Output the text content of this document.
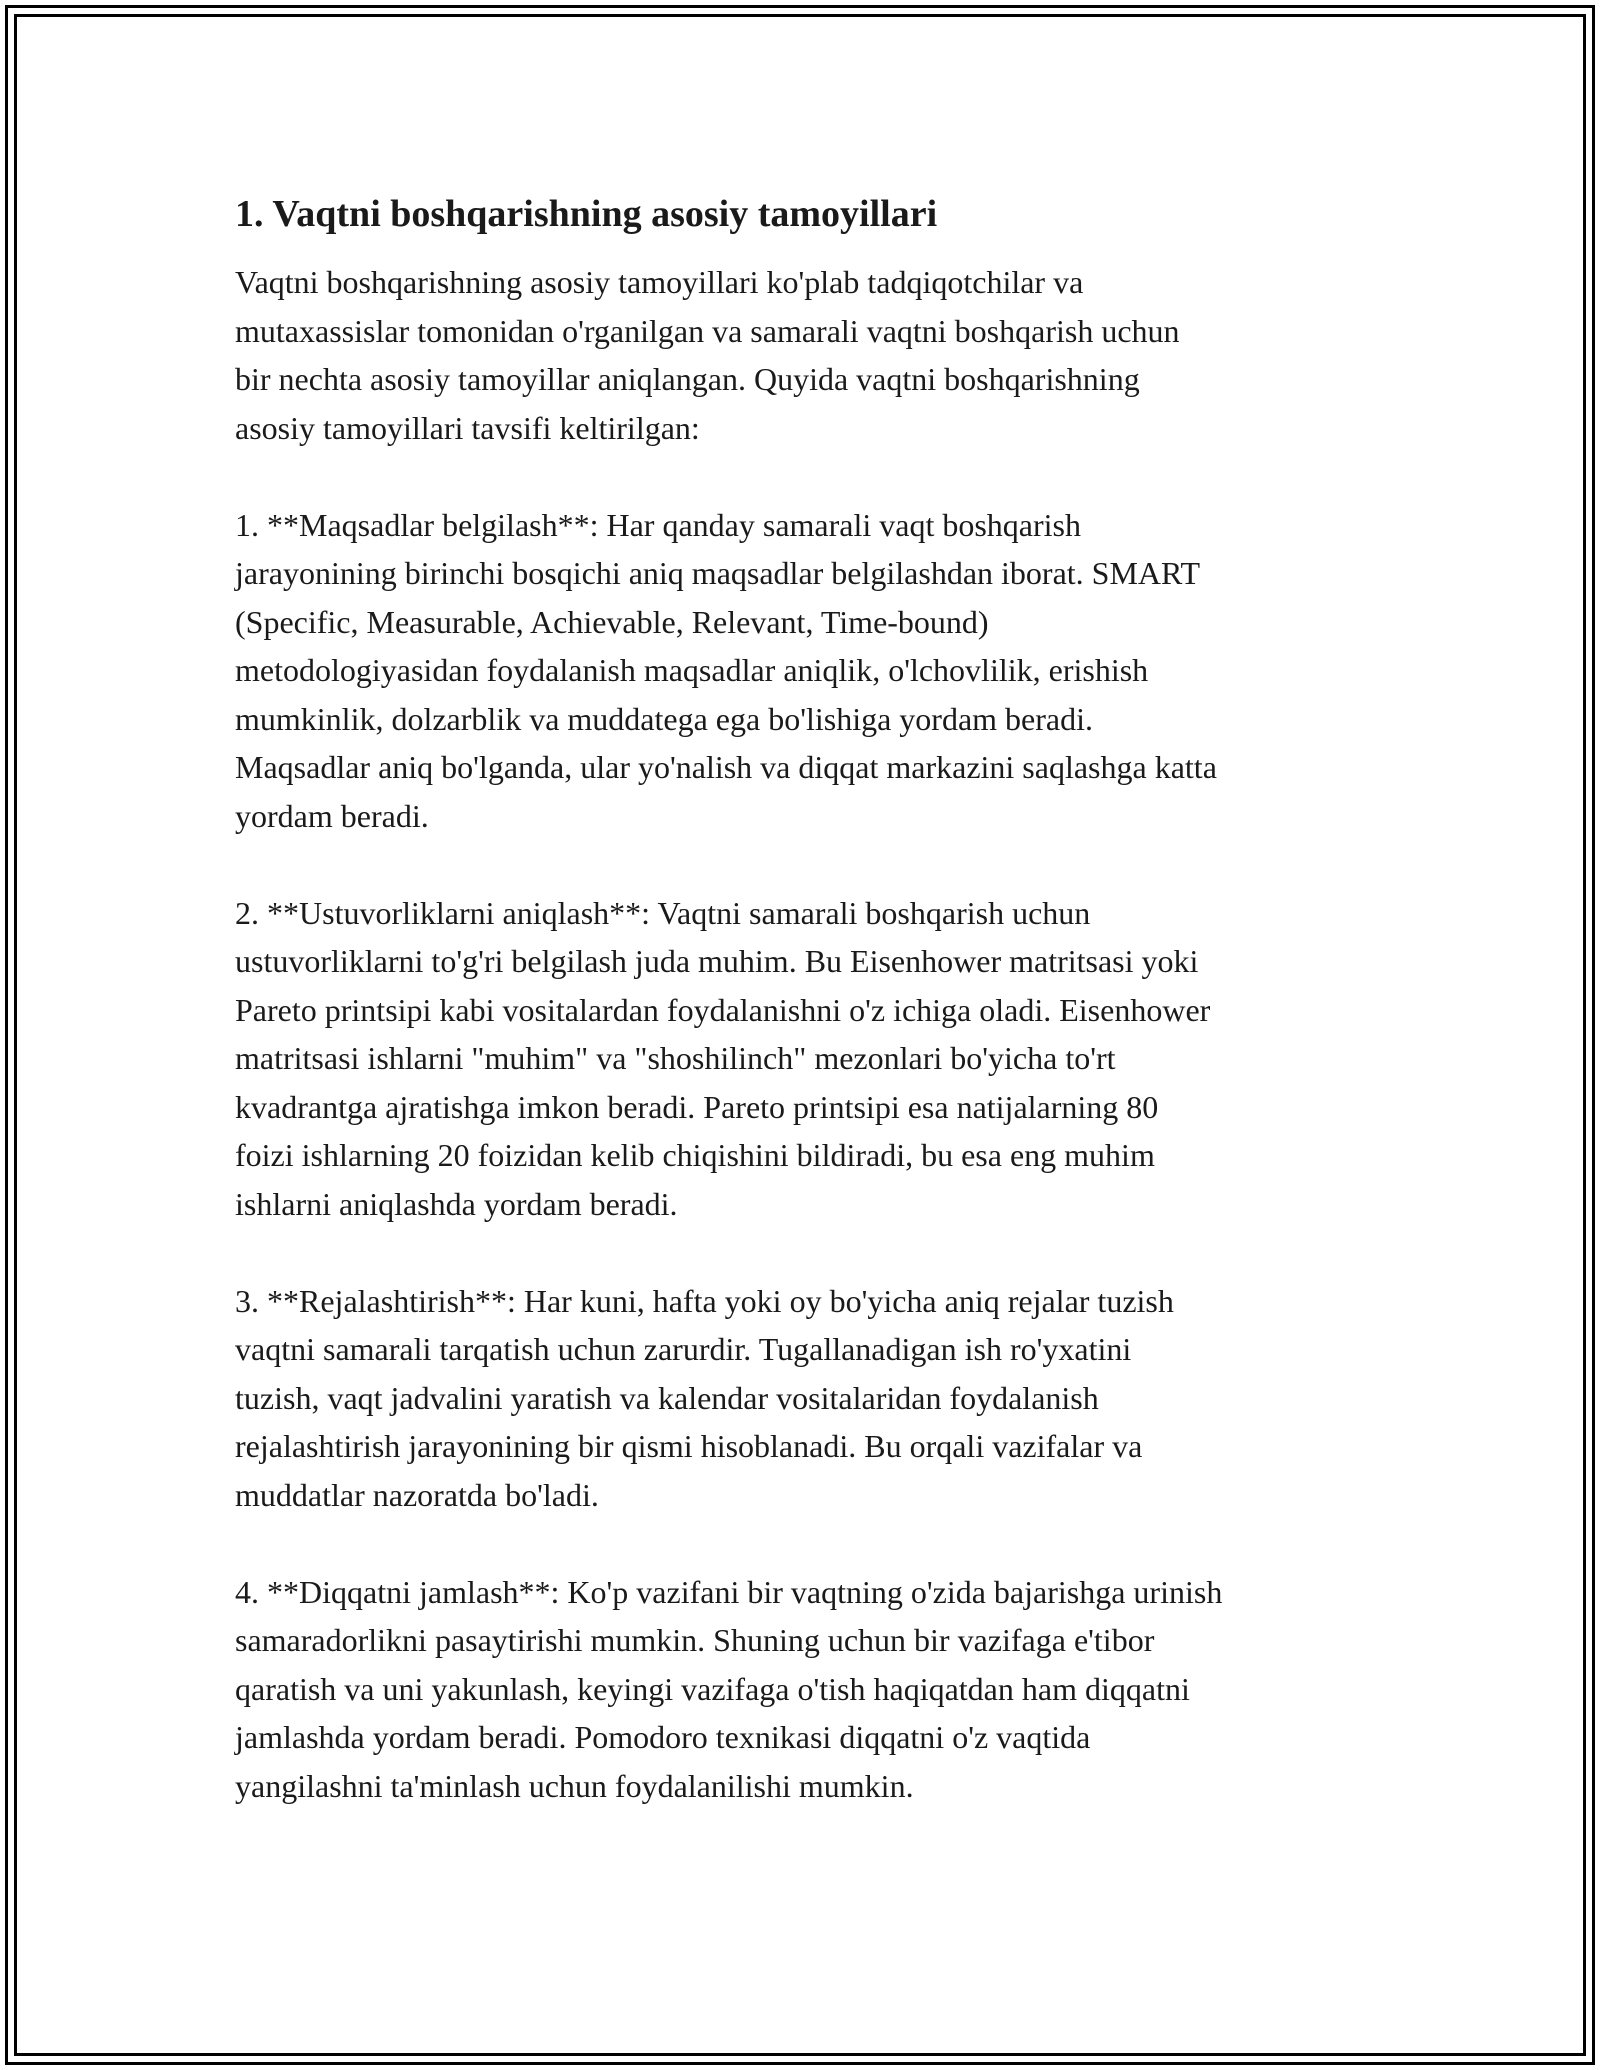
1. Vaqtni boshqarishning asosiy tamoyillari
Vaqtni boshqarishning asosiy tamoyillari ko'plab tadqiqotchilar va
mutaxassislar tomonidan o'rganilgan va samarali vaqtni boshqarish uchun
bir nechta asosiy tamoyillar aniqlangan. Quyida vaqtni boshqarishning
asosiy tamoyillari tavsifi keltirilgan:
1. **Maqsadlar belgilash**: Har qanday samarali vaqt boshqarish
jarayonining birinchi bosqichi aniq maqsadlar belgilashdan iborat. SMART
(Specific, Measurable, Achievable, Relevant, Time-bound)
metodologiyasidan foydalanish maqsadlar aniqlik, o'lchovlilik, erishish
mumkinlik, dolzarblik va muddatega ega bo'lishiga yordam beradi.
Maqsadlar aniq bo'lganda, ular yo'nalish va diqqat markazini saqlashga katta
yordam beradi.
2. **Ustuvorliklarni aniqlash**: Vaqtni samarali boshqarish uchun
ustuvorliklarni to'g'ri belgilash juda muhim. Bu Eisenhower matritsasi yoki
Pareto printsipi kabi vositalardan foydalanishni o'z ichiga oladi. Eisenhower
matritsasi ishlarni "muhim" va "shoshilinch" mezonlari bo'yicha to'rt
kvadrantga ajratishga imkon beradi. Pareto printsipi esa natijalarning 80
foizi ishlarning 20 foizidan kelib chiqishini bildiradi, bu esa eng muhim
ishlarni aniqlashda yordam beradi.
3. **Rejalashtirish**: Har kuni, hafta yoki oy bo'yicha aniq rejalar tuzish
vaqtni samarali tarqatish uchun zarurdir. Tugallanadigan ish ro'yxatini
tuzish, vaqt jadvalini yaratish va kalendar vositalaridan foydalanish
rejalashtirish jarayonining bir qismi hisoblanadi. Bu orqali vazifalar va
muddatlar nazoratda bo'ladi.
4. **Diqqatni jamlash**: Ko'p vazifani bir vaqtning o'zida bajarishga urinish
samaradorlikni pasaytirishi mumkin. Shuning uchun bir vazifaga e'tibor
qaratish va uni yakunlash, keyingi vazifaga o'tish haqiqatdan ham diqqatni
jamlashda yordam beradi. Pomodoro texnikasi diqqatni o'z vaqtida
yangilashni ta'minlash uchun foydalanilishi mumkin.
